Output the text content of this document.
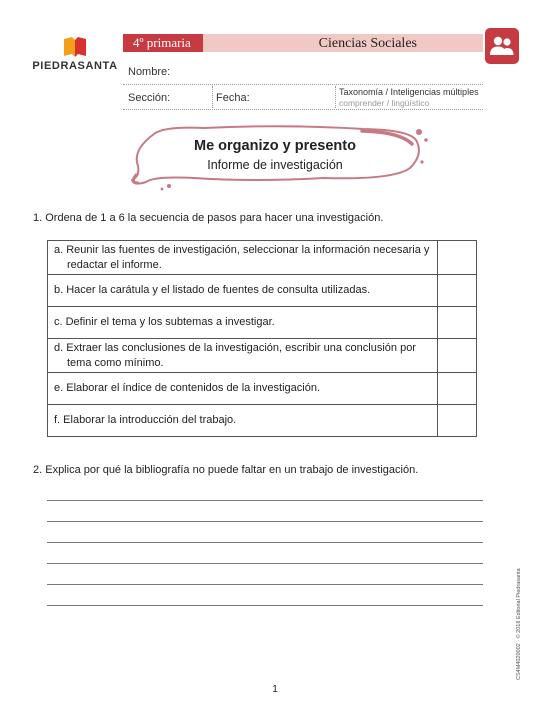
PIEDRASANTA
4º primaria	Ciencias Sociales
Nombre:
Sección:	Fecha:	Taxonomía / Inteligencias múltiples
comprender / lingüístico
Me organizo y presento
Informe de investigación
1. Ordena de 1 a 6 la secuencia de pasos para hacer una investigación.
a. Reunir las fuentes de investigación, seleccionar la información necesaria y
redactar el informe.	

b. Hacer la carátula y el listado de fuentes de consulta utilizadas.	

c. Definir el tema y los subtemas a investigar.	

d. Extraer las conclusiones de la investigación, escribir una conclusión por
tema como mínimo.	

e. Elaborar el índice de contenidos de la investigación.	

f. Elaborar la introducción del trabajo.	

2. Explica por qué la bibliografía no puede faltar en un trabajo de investigación.
CS4M4020002 · © 2018 Editorial Piedrasanta
1
